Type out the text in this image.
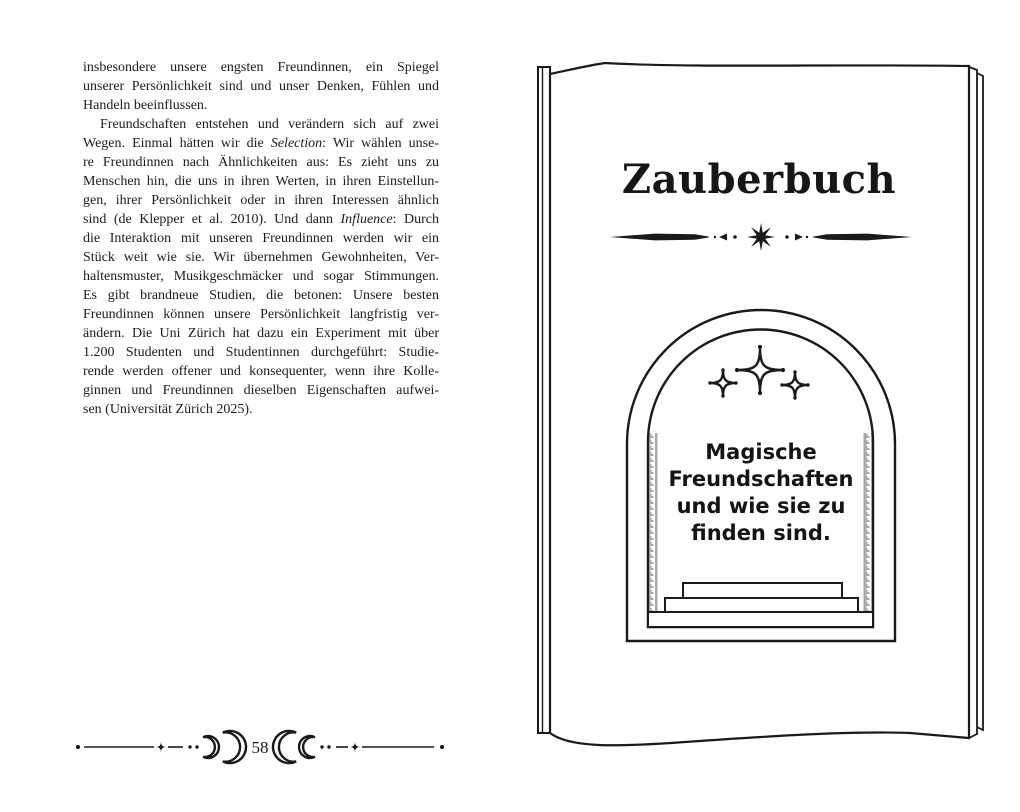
insbesondere unsere engsten Freundinnen, ein Spiegel
unserer Persönlichkeit sind und unser Denken, Fühlen und
Handeln beeinflussen.
Freundschaften entstehen und verändern sich auf zwei
Wegen. Einmal hätten wir die Selection: Wir wählen unse-
re Freundinnen nach Ähnlichkeiten aus: Es zieht uns zu
Menschen hin, die uns in ihren Werten, in ihren Einstellun-
gen, ihrer Persönlichkeit oder in ihren Interessen ähnlich
sind (de Klepper et al. 2010). Und dann Influence: Durch
die Interaktion mit unseren Freundinnen werden wir ein
Stück weit wie sie. Wir übernehmen Gewohnheiten, Ver-
haltensmuster, Musikgeschmäcker und sogar Stimmungen.
Es gibt brandneue Studien, die betonen: Unsere besten
Freundinnen können unsere Persönlichkeit langfristig ver-
ändern. Die Uni Zürich hat dazu ein Experiment mit über
1.200 Studenten und Studentinnen durchgeführt: Studie-
rende werden offener und konsequenter, wenn ihre Kolle-
ginnen und Freundinnen dieselben Eigenschaften aufwei-
sen (Universität Zürich 2025).
58
Zauberbuch
Magische
Freundschaften
und wie sie zu
finden sind.
